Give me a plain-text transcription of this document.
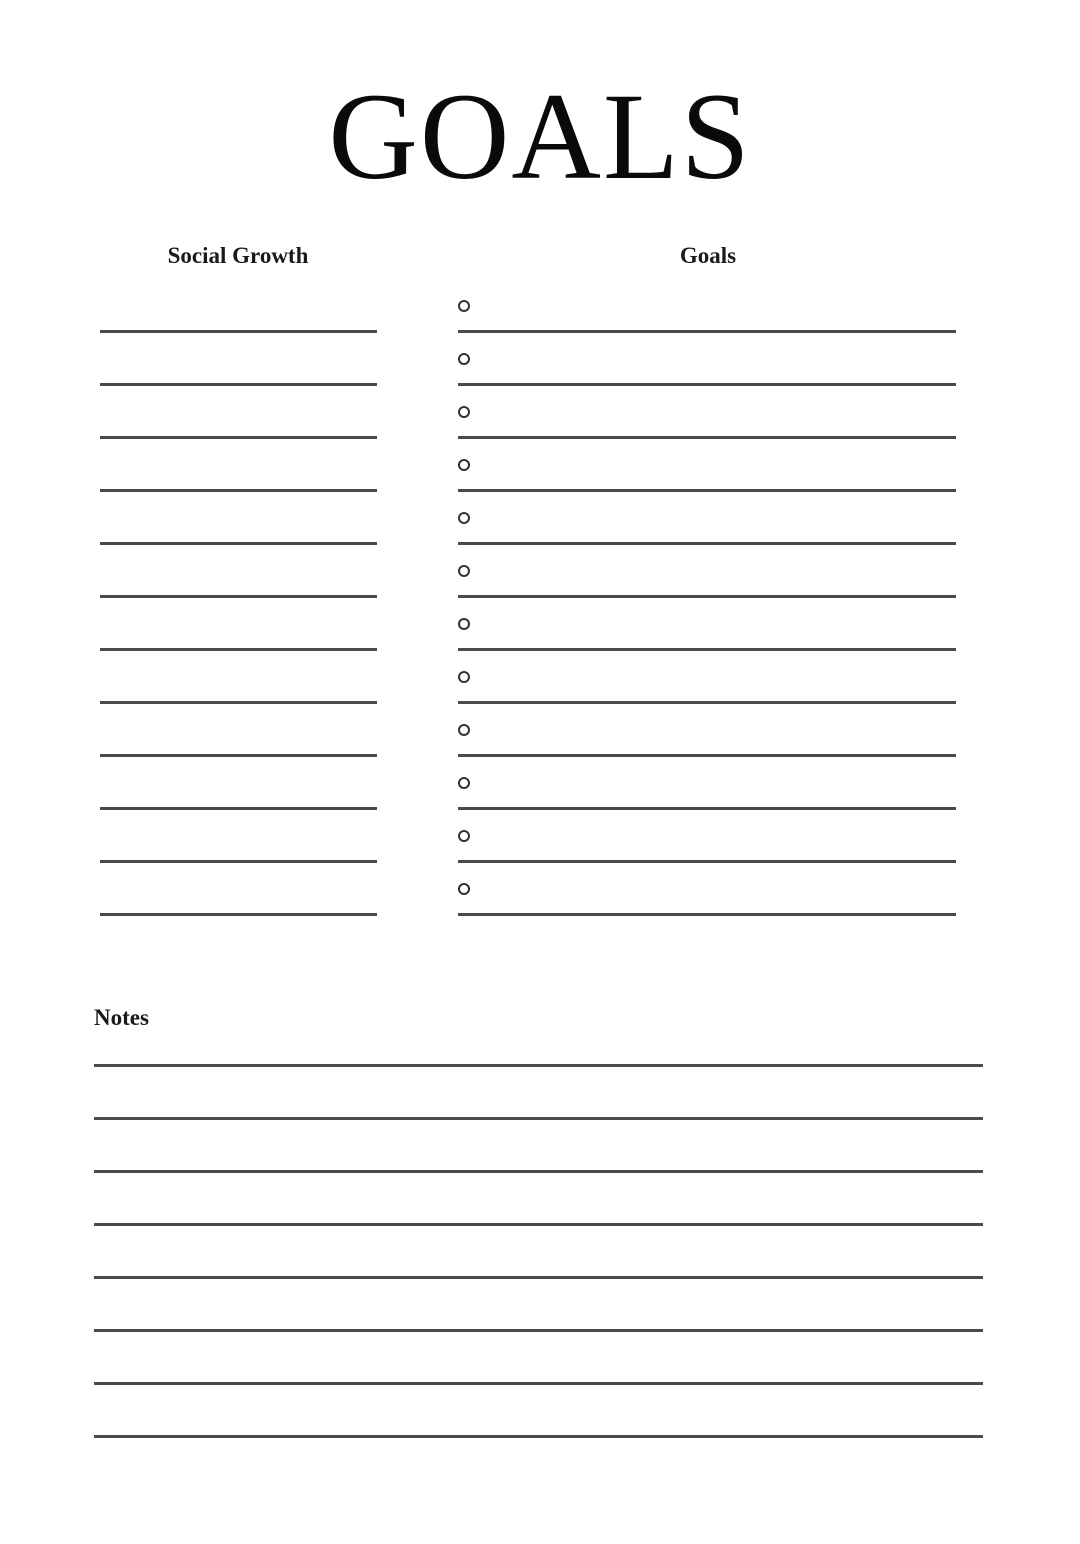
GOALS
Social Growth	Goals
Notes
